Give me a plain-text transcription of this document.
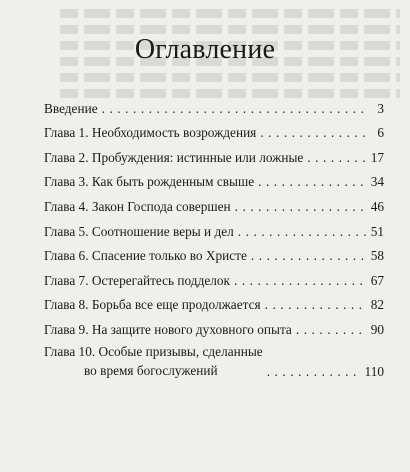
Оглавление
Введение . . .	3
Глава 1. Необходимость возрождения . . .	6
Глава 2. Пробуждения: истинные или ложные . . .	17
Глава 3. Как быть рожденным свыше . . .	34
Глава 4. Закон Господа совершен . . .	46
Глава 5. Соотношение веры и дел . . .	51
Глава 6. Спасение только во Христе . . .	58
Глава 7. Остерегайтесь подделок . . .	67
Глава 8. Борьба все еще продолжается . . .	82
Глава 9. На защите нового духовного опыта . . .	90
Глава 10. Особые призывы, сделанные
во время богослужений . . .	110
